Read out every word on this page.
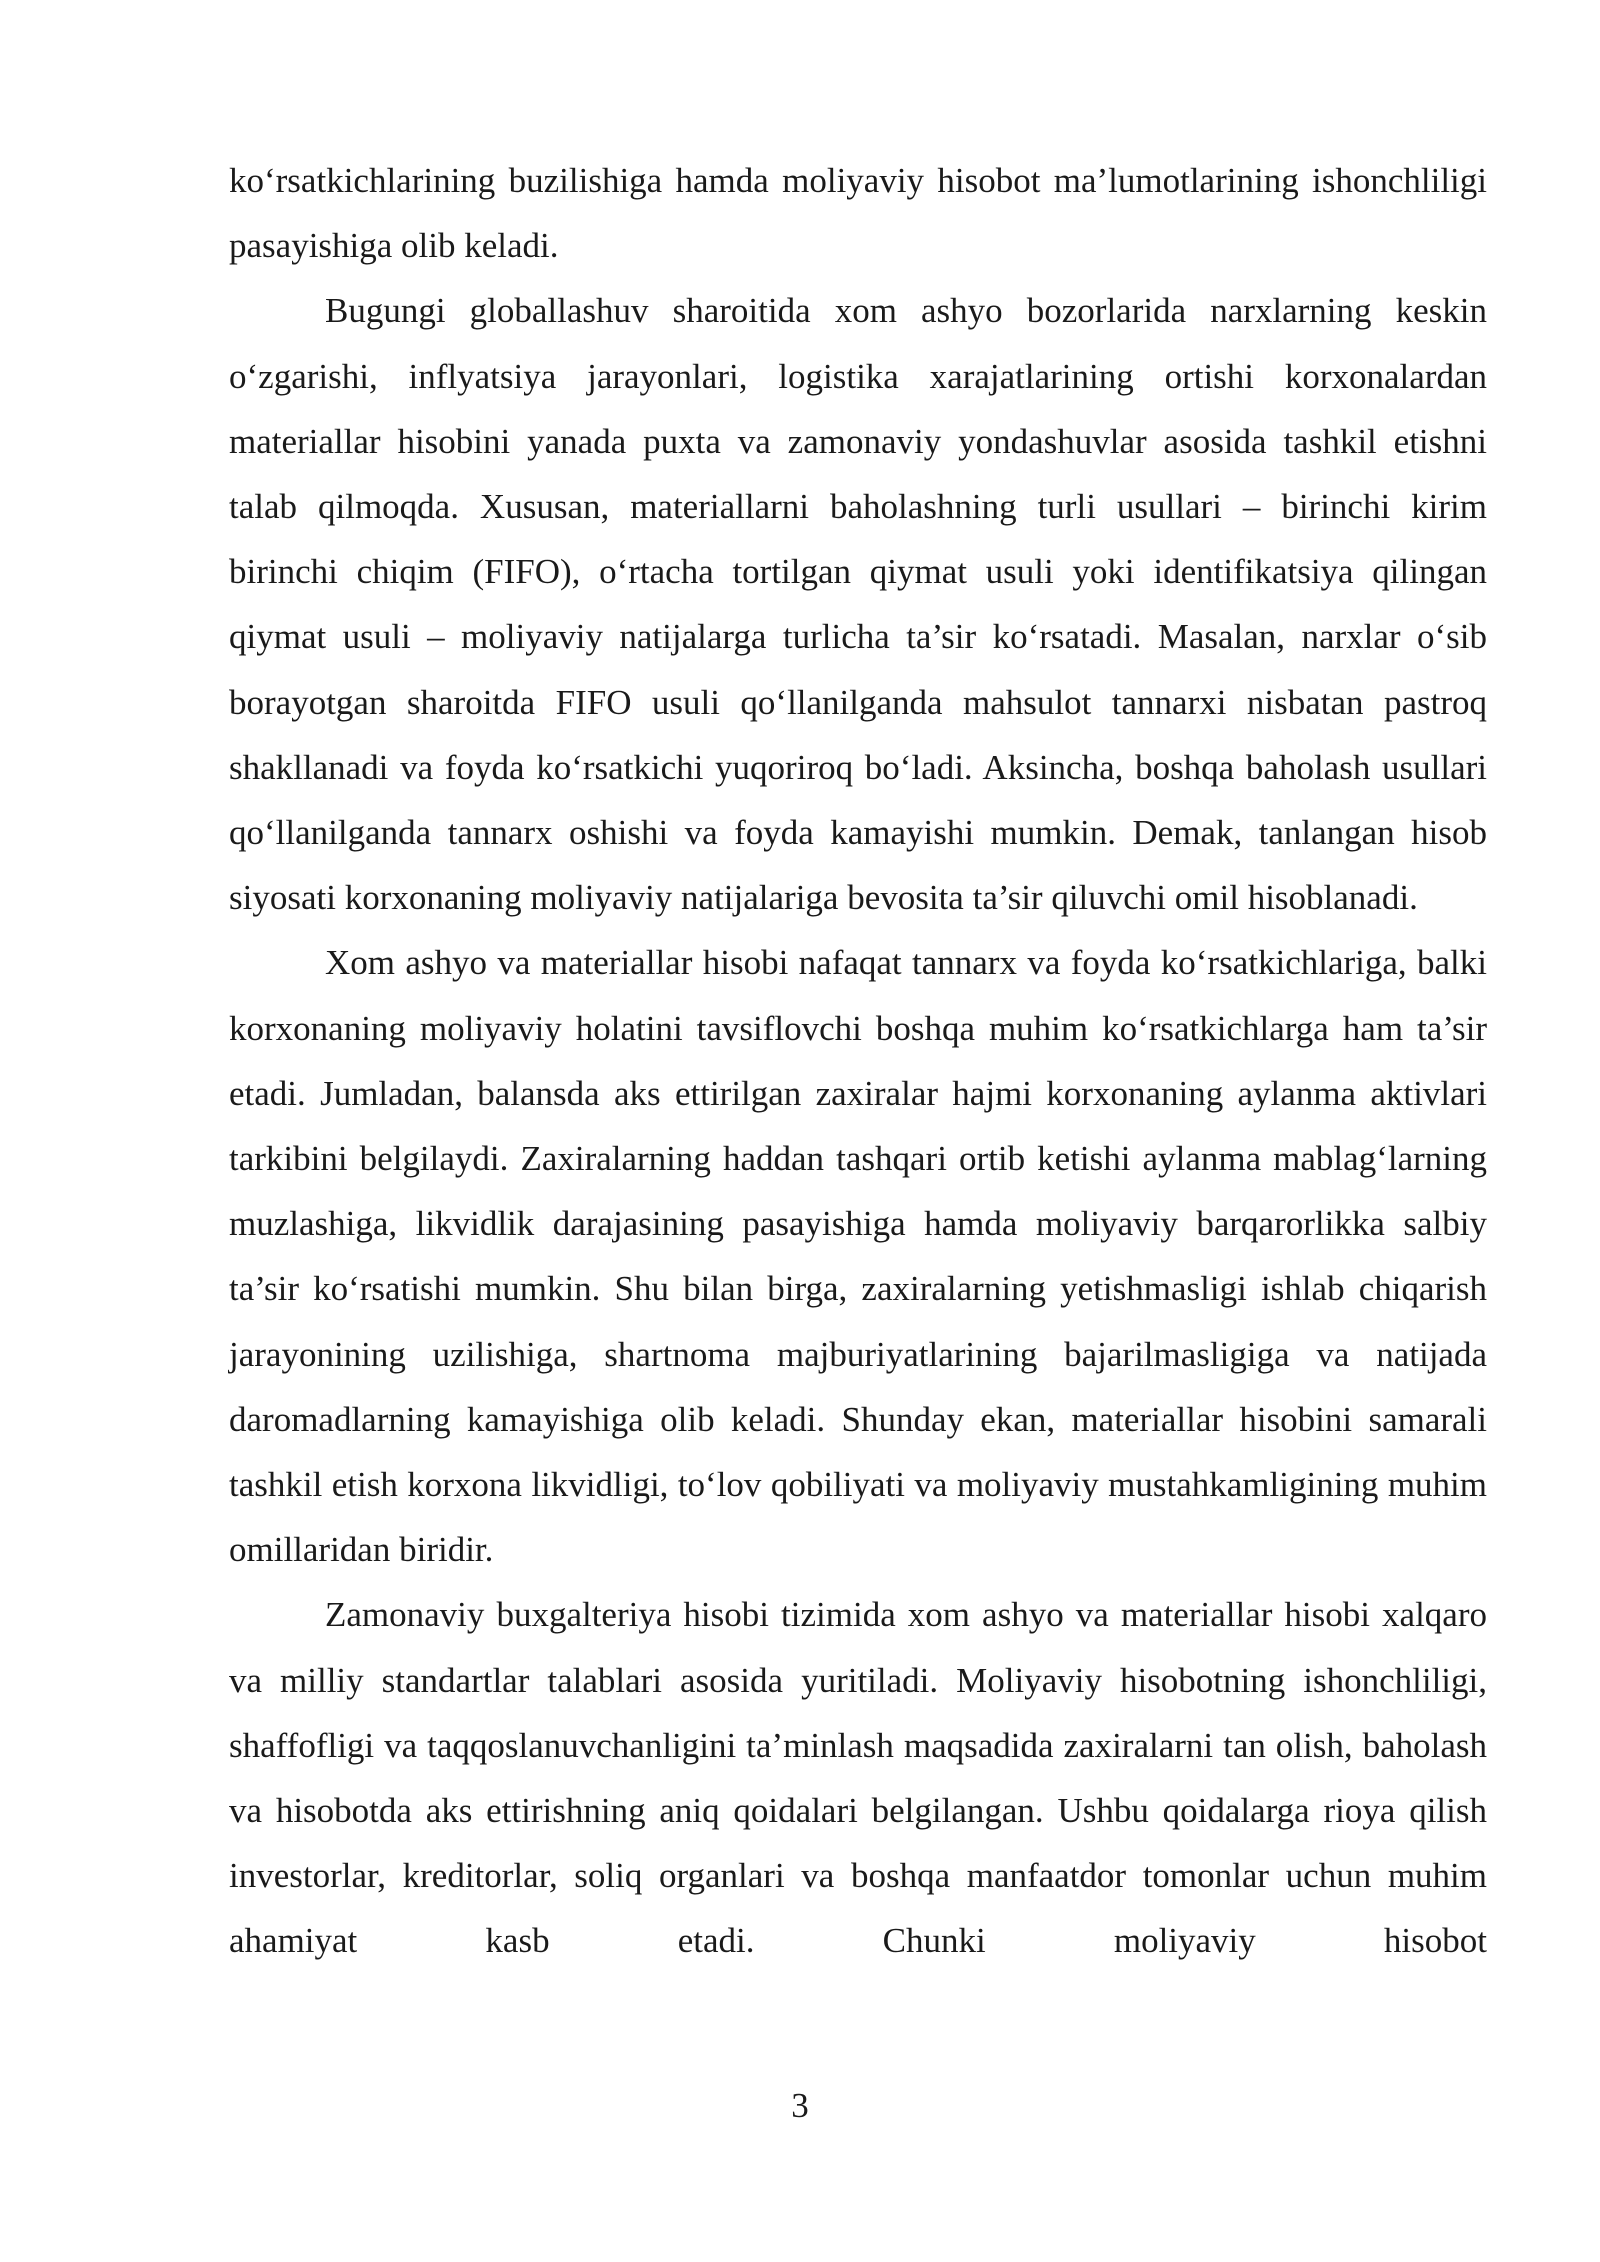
ko‘rsatkichlarining buzilishiga hamda moliyaviy hisobot ma’lumotlarining ishonchliligi pasayishiga olib keladi.

Bugungi globallashuv sharoitida xom ashyo bozorlarida narxlarning keskin o‘zgarishi, inflyatsiya jarayonlari, logistika xarajatlarining ortishi korxonalardan materiallar hisobini yanada puxta va zamonaviy yondashuvlar asosida tashkil etishni talab qilmoqda. Xususan, materiallarni baholashning turli usullari – birinchi kirim birinchi chiqim (FIFO), o‘rtacha tortilgan qiymat usuli yoki identifikatsiya qilingan qiymat usuli – moliyaviy natijalarga turlicha ta’sir ko‘rsatadi. Masalan, narxlar o‘sib borayotgan sharoitda FIFO usuli qo‘llanilganda mahsulot tannarxi nisbatan pastroq shakllanadi va foyda ko‘rsatkichi yuqoriroq bo‘ladi. Aksincha, boshqa baholash usullari qo‘llanilganda tannarx oshishi va foyda kamayishi mumkin. Demak, tanlangan hisob siyosati korxonaning moliyaviy natijalariga bevosita ta’sir qiluvchi omil hisoblanadi.

Xom ashyo va materiallar hisobi nafaqat tannarx va foyda ko‘rsatkichlariga, balki korxonaning moliyaviy holatini tavsiflovchi boshqa muhim ko‘rsatkichlarga ham ta’sir etadi. Jumladan, balansda aks ettirilgan zaxiralar hajmi korxonaning aylanma aktivlari tarkibini belgilaydi. Zaxiralarning haddan tashqari ortib ketishi aylanma mablag‘larning muzlashiga, likvidlik darajasining pasayishiga hamda moliyaviy barqarorlikka salbiy ta’sir ko‘rsatishi mumkin. Shu bilan birga, zaxiralarning yetishmasligi ishlab chiqarish jarayonining uzilishiga, shartnoma majburiyatlarining bajarilmasligiga va natijada daromadlarning kamayishiga olib keladi. Shunday ekan, materiallar hisobini samarali tashkil etish korxona likvidligi, to‘lov qobiliyati va moliyaviy mustahkamligining muhim omillaridan biridir.

Zamonaviy buxgalteriya hisobi tizimida xom ashyo va materiallar hisobi xalqaro va milliy standartlar talablari asosida yuritiladi. Moliyaviy hisobotning ishonchliligi, shaffofligi va taqqoslanuvchanligini ta’minlash maqsadida zaxiralarni tan olish, baholash va hisobotda aks ettirishning aniq qoidalari belgilangan. Ushbu qoidalarga rioya qilish investorlar, kreditorlar, soliq organlari va boshqa manfaatdor tomonlar uchun muhim ahamiyat kasb etadi. Chunki moliyaviy hisobot

3
